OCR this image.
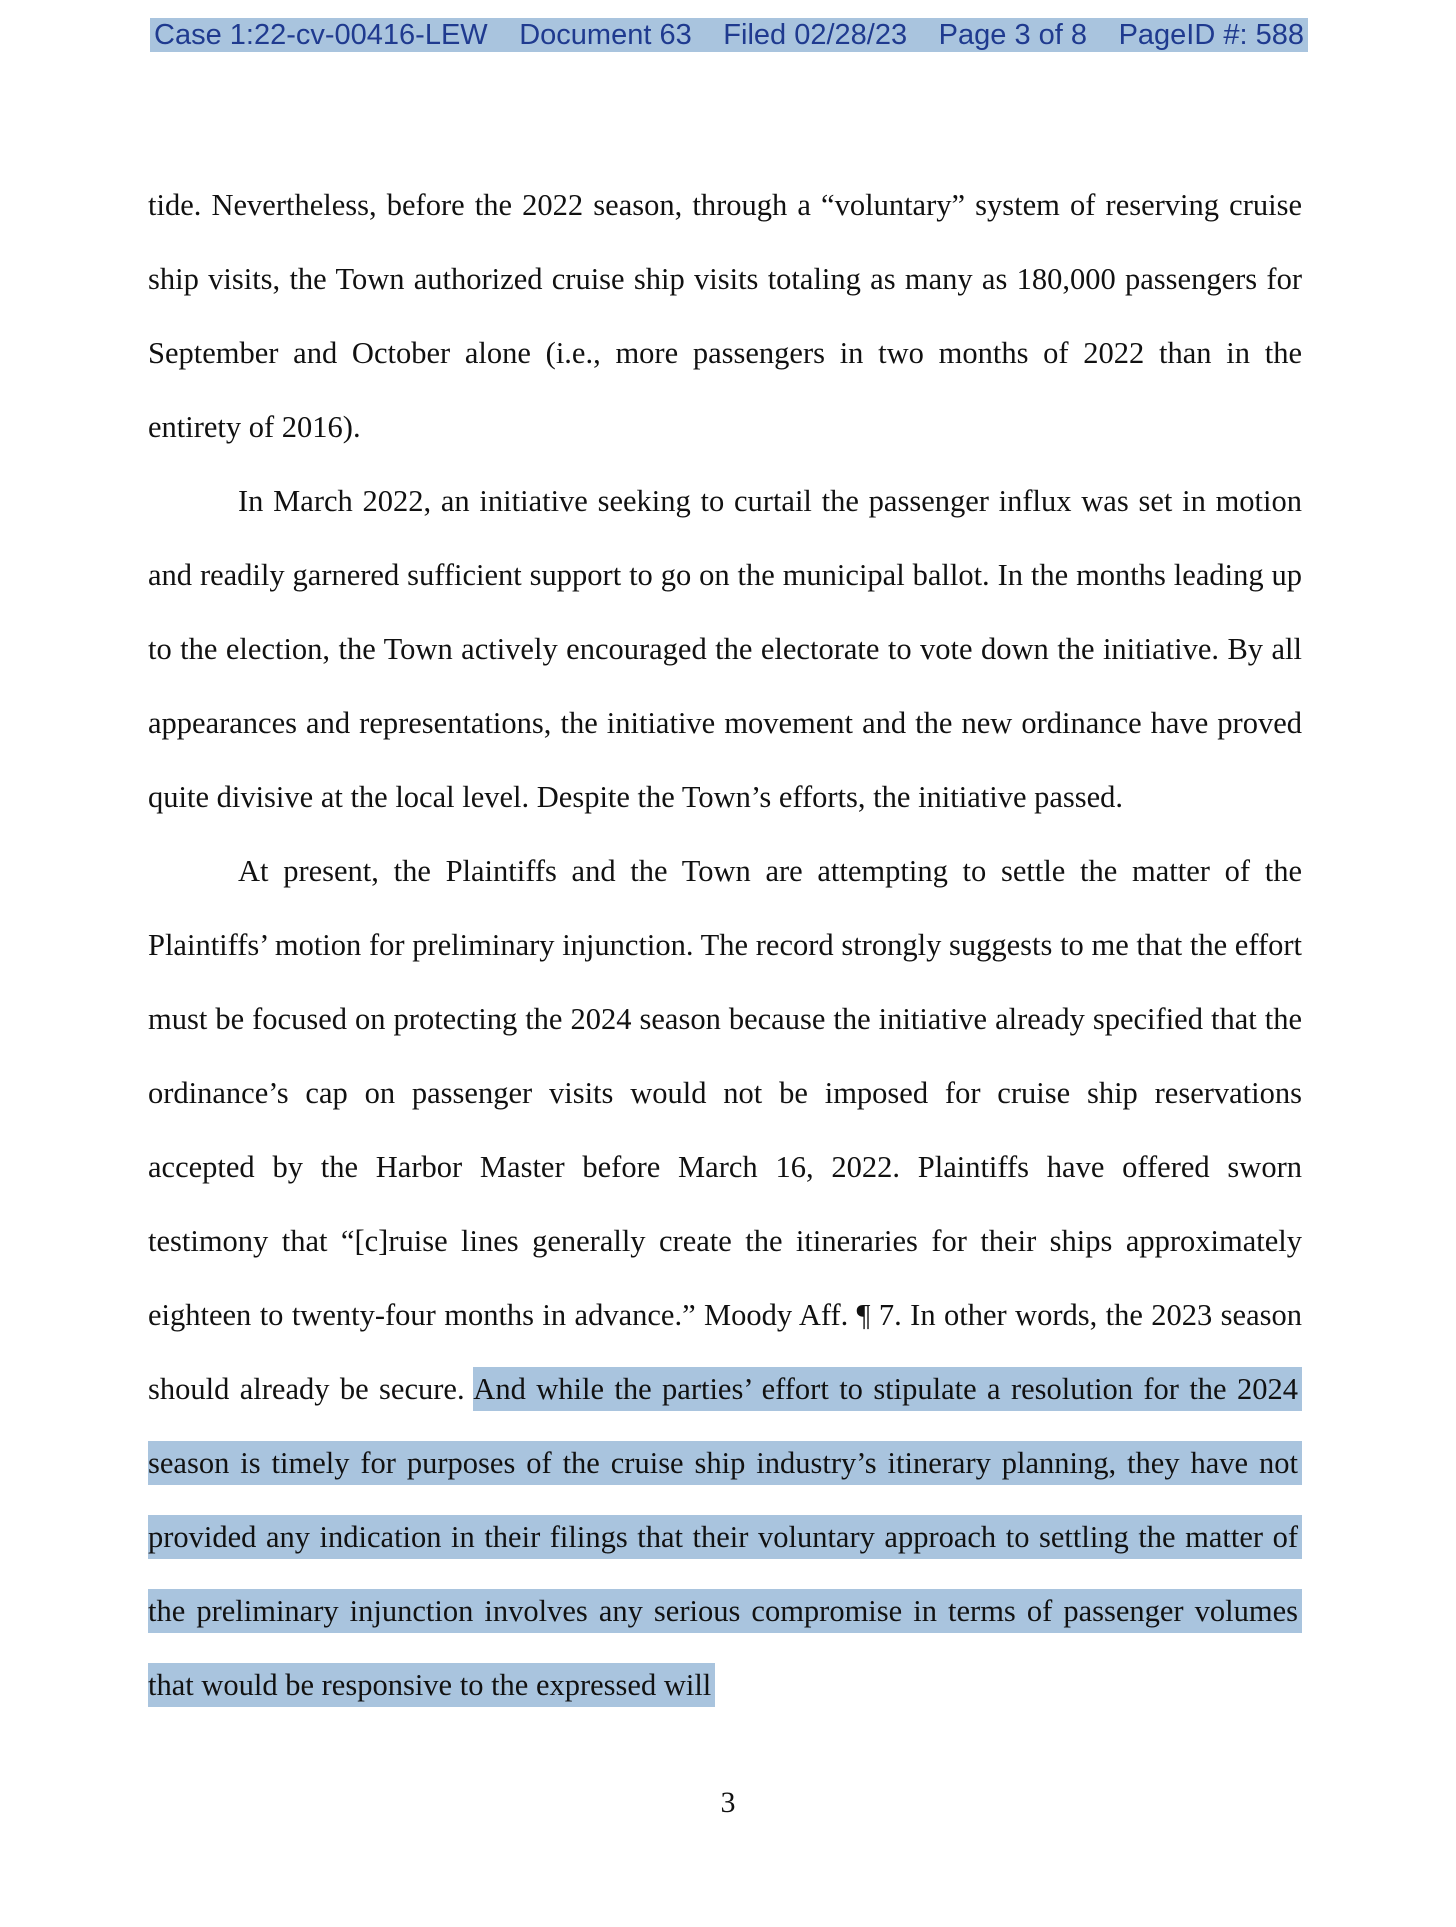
Case 1:22-cv-00416-LEW Document 63 Filed 02/28/23 Page 3 of 8 PageID #: 588

tide. Nevertheless, before the 2022 season, through a “voluntary” system of reserving cruise ship visits, the Town authorized cruise ship visits totaling as many as 180,000 passengers for September and October alone (i.e., more passengers in two months of 2022 than in the entirety of 2016).

In March 2022, an initiative seeking to curtail the passenger influx was set in motion and readily garnered sufficient support to go on the municipal ballot. In the months leading up to the election, the Town actively encouraged the electorate to vote down the initiative. By all appearances and representations, the initiative movement and the new ordinance have proved quite divisive at the local level. Despite the Town’s efforts, the initiative passed.

At present, the Plaintiffs and the Town are attempting to settle the matter of the Plaintiffs’ motion for preliminary injunction. The record strongly suggests to me that the effort must be focused on protecting the 2024 season because the initiative already specified that the ordinance’s cap on passenger visits would not be imposed for cruise ship reservations accepted by the Harbor Master before March 16, 2022. Plaintiffs have offered sworn testimony that “[c]ruise lines generally create the itineraries for their ships approximately eighteen to twenty-four months in advance.” Moody Aff. ¶ 7. In other words, the 2023 season should already be secure. And while the parties’ effort to stipulate a resolution for the 2024 season is timely for purposes of the cruise ship industry’s itinerary planning, they have not provided any indication in their filings that their voluntary approach to settling the matter of the preliminary injunction involves any serious compromise in terms of passenger volumes that would be responsive to the expressed will

3
